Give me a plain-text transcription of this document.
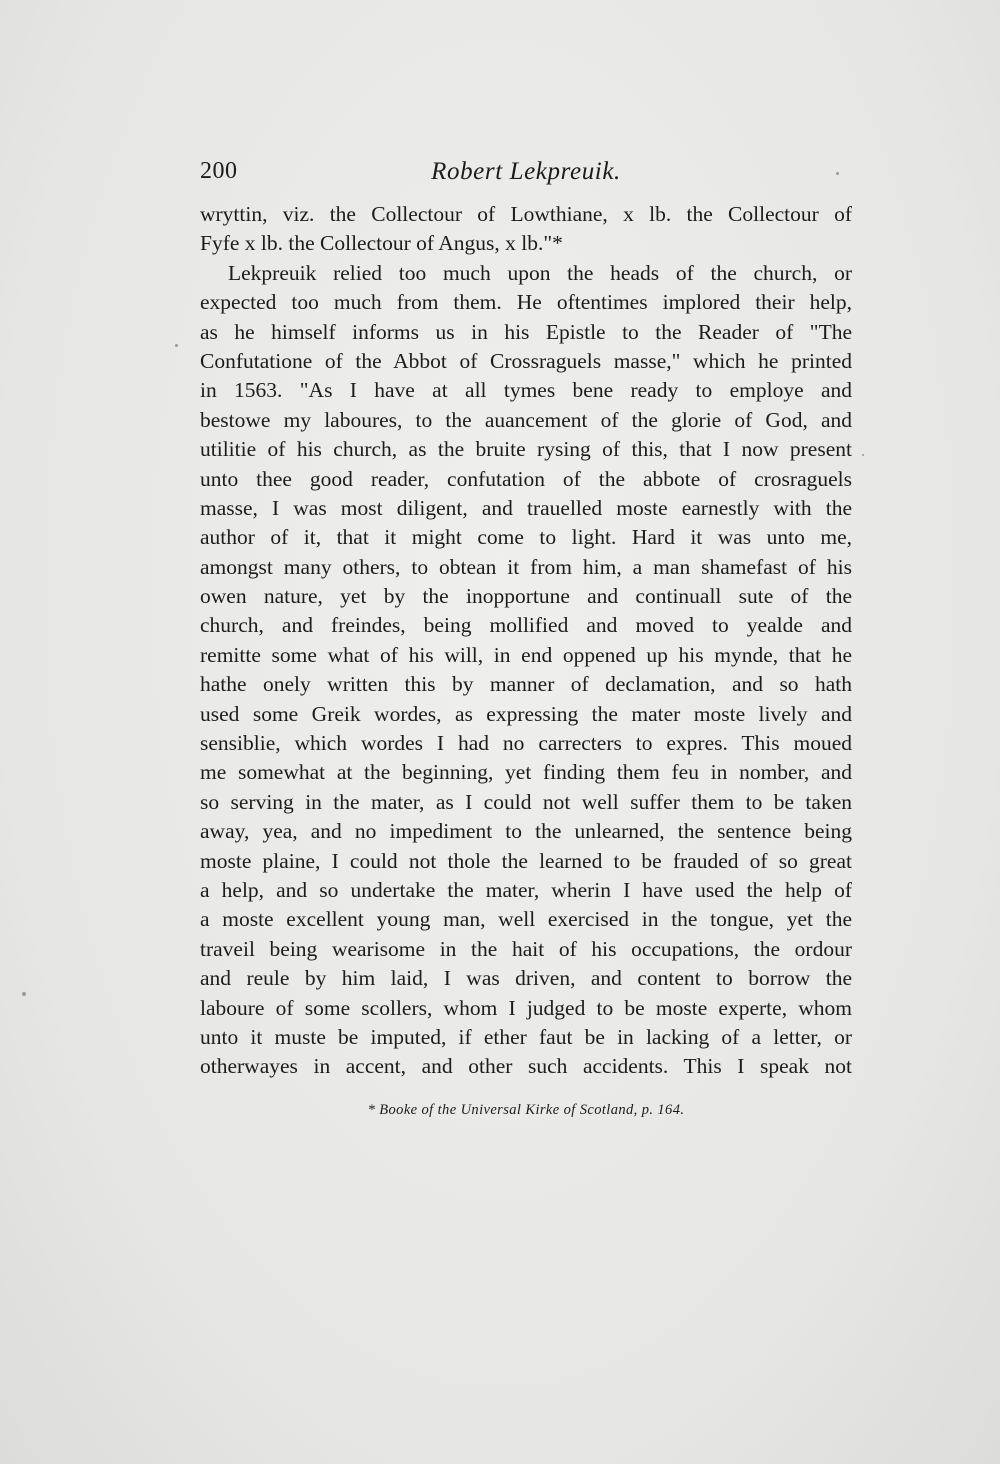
200	Robert Lekpreuik.
wryttin, viz. the Collectour of Lowthiane, x lb. the Collectour of
Fyfe x lb. the Collectour of Angus, x lb."*
Lekpreuik relied too much upon the heads of the church, or
expected too much from them. He oftentimes implored their help,
as he himself informs us in his Epistle to the Reader of "The
Confutatione of the Abbot of Crossraguels masse," which he printed
in 1563. "As I have at all tymes bene ready to employe and
bestowe my laboures, to the auancement of the glorie of God, and
utilitie of his church, as the bruite rysing of this, that I now present
unto thee good reader, confutation of the abbote of crosraguels
masse, I was most diligent, and trauelled moste earnestly with the
author of it, that it might come to light. Hard it was unto me,
amongst many others, to obtean it from him, a man shamefast of his
owen nature, yet by the inopportune and continuall sute of the
church, and freindes, being mollified and moved to yealde and
remitte some what of his will, in end oppened up his mynde, that he
hathe onely written this by manner of declamation, and so hath
used some Greik wordes, as expressing the mater moste lively and
sensiblie, which wordes I had no carrecters to expres. This moued
me somewhat at the beginning, yet finding them feu in nomber, and
so serving in the mater, as I could not well suffer them to be taken
away, yea, and no impediment to the unlearned, the sentence being
moste plaine, I could not thole the learned to be frauded of so great
a help, and so undertake the mater, wherin I have used the help of
a moste excellent young man, well exercised in the tongue, yet the
traveil being wearisome in the hait of his occupations, the ordour
and reule by him laid, I was driven, and content to borrow the
laboure of some scollers, whom I judged to be moste experte, whom
unto it muste be imputed, if ether faut be in lacking of a letter, or
otherwayes in accent, and other such accidents. This I speak not
* Booke of the Universal Kirke of Scotland, p. 164.
